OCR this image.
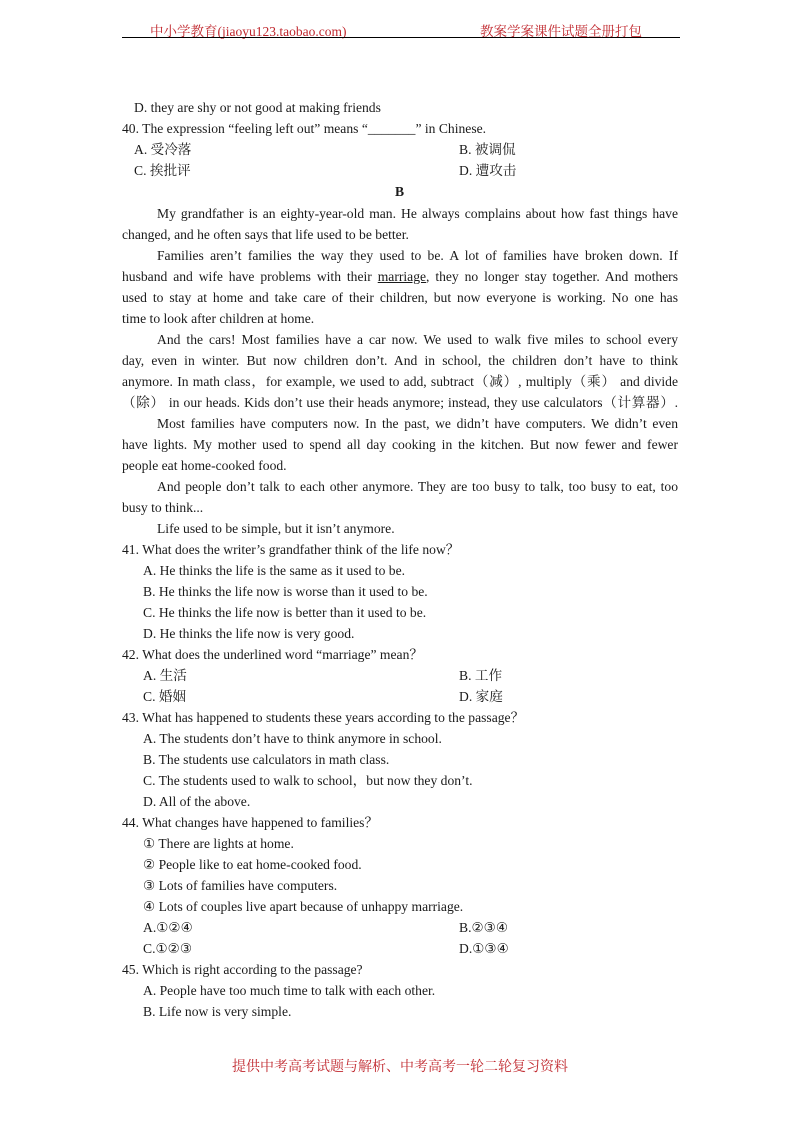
中小学教育(jiaoyu123.taobao.com)	教案学案课件试题全册打包
D. they are shy or not good at making friends
40. The expression “feeling left out” means “_______” in Chinese.
A. 受冷落	B. 被调侃
C. 挨批评	D. 遭攻击
B
My grandfather is an eighty-year-old man. He always complains about how fast things have
changed, and he often says that life used to be better.
Families aren’t families the way they used to be. A lot of families have broken down. If
husband and wife have problems with their marriage, they no longer stay together. And mothers
used to stay at home and take care of their children, but now everyone is working. No one has
time to look after children at home.
And the cars! Most families have a car now. We used to walk five miles to school every
day, even in winter. But now children don’t. And in school, the children don’t have to think
anymore. In math class，for example, we used to add, subtract（减）, multiply（乘） and divide
（除） in our heads. Kids don’t use their heads anymore; instead, they use calculators（计算器）.
Most families have computers now. In the past, we didn’t have computers. We didn’t even
have lights. My mother used to spend all day cooking in the kitchen. But now fewer and fewer
people eat home-cooked food.
And people don’t talk to each other anymore. They are too busy to talk, too busy to eat, too
busy to think...
Life used to be simple, but it isn’t anymore.
41. What does the writer’s grandfather think of the life now？
A. He thinks the life is the same as it used to be.
B. He thinks the life now is worse than it used to be.
C. He thinks the life now is better than it used to be.
D. He thinks the life now is very good.
42. What does the underlined word “marriage” mean？
A. 生活	B. 工作
C. 婚姻	D. 家庭
43. What has happened to students these years according to the passage？
A. The students don’t have to think anymore in school.
B. The students use calculators in math class.
C. The students used to walk to school，but now they don’t.
D. All of the above.
44. What changes have happened to families？
① There are lights at home.
② People like to eat home-cooked food.
③ Lots of families have computers.
④ Lots of couples live apart because of unhappy marriage.
A.①②④	B.②③④
C.①②③	D.①③④
45. Which is right according to the passage?
A. People have too much time to talk with each other.
B. Life now is very simple.
提供中考高考试题与解析、中考高考一轮二轮复习资料
